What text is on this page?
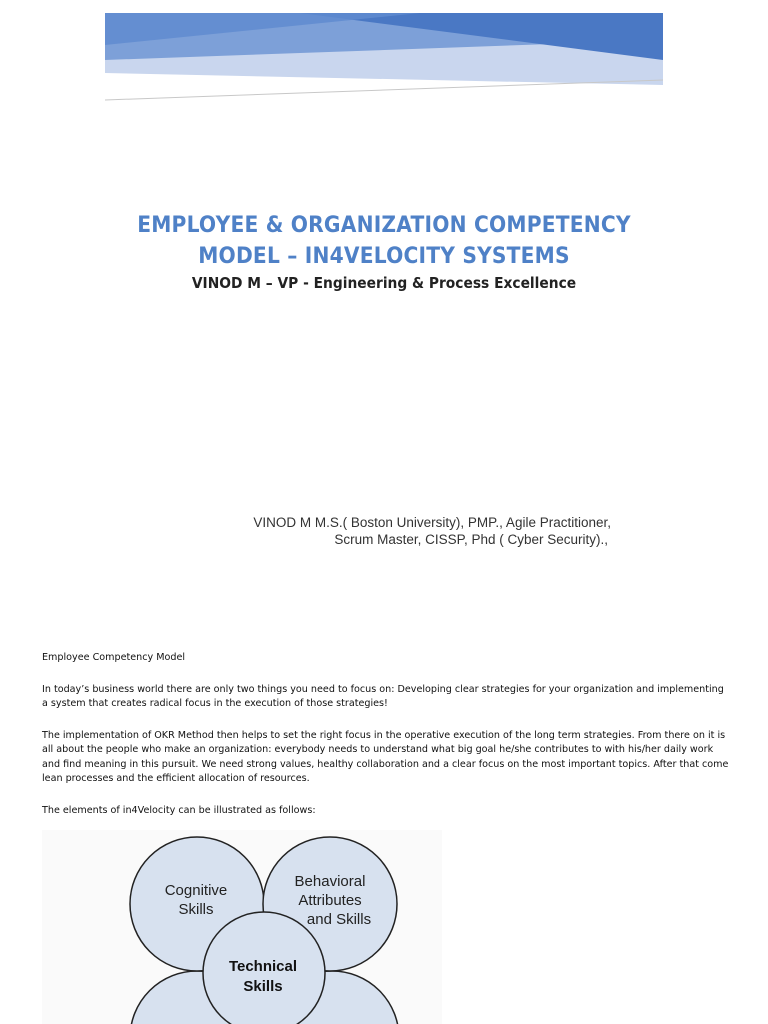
EMPLOYEE & ORGANIZATION COMPETENCY
MODEL – IN4VELOCITY SYSTEMS
VINOD M – VP - Engineering & Process Excellence
VINOD M M.S.( Boston University), PMP., Agile Practitioner,
Scrum Master, CISSP, Phd ( Cyber Security).,

Employee Competency Model

In today’s business world there are only two things you need to focus on: Developing clear strategies for your organization and implementing a system that creates radical focus in the execution of those strategies!

The implementation of OKR Method then helps to set the right focus in the operative execution of the long term strategies. From there on it is all about the people who make an organization: everybody needs to understand what big goal he/she contributes to with his/her daily work and find meaning in this pursuit. We need strong values, healthy collaboration and a clear focus on the most important topics. After that come lean processes and the efficient allocation of resources.

The elements of in4Velocity can be illustrated as follows:

Cognitive
Skills
Behavioral
Attributes
and Skills
Technical
Skills
